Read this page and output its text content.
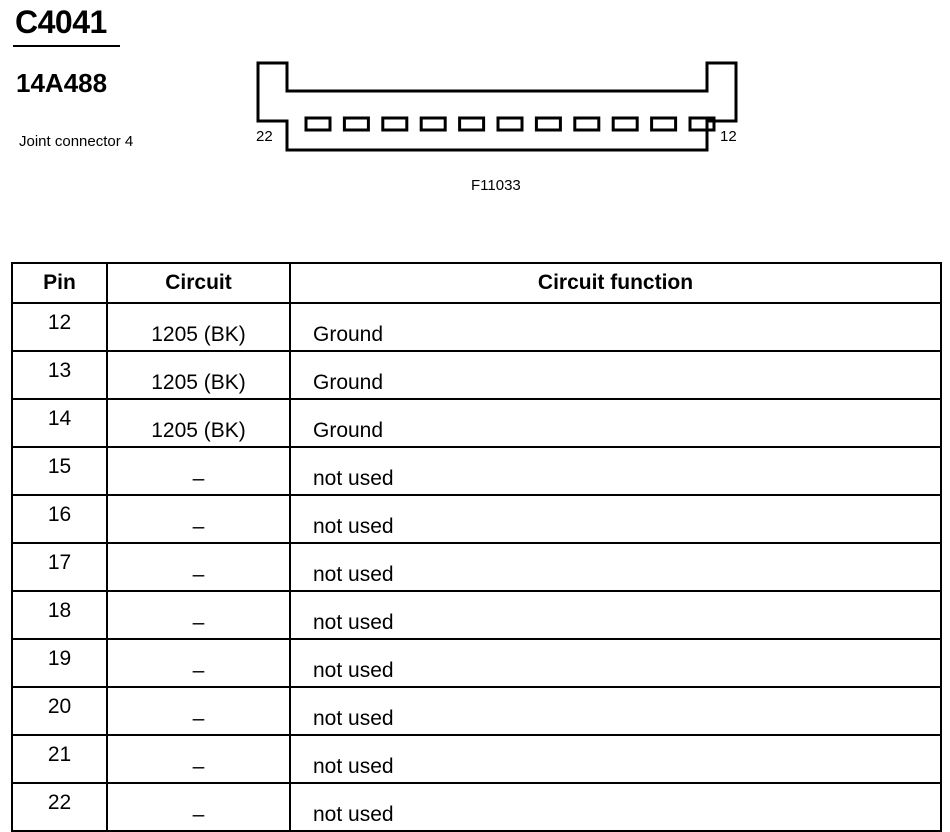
C4041
14A488
Joint connector 4	22	12
F11033
Pin	Circuit	Circuit function
12	1205 (BK)	Ground
13	1205 (BK)	Ground
14	1205 (BK)	Ground
15	–	not used
16	–	not used
17	–	not used
18	–	not used
19	–	not used
20	–	not used
21	–	not used
22	–	not used
